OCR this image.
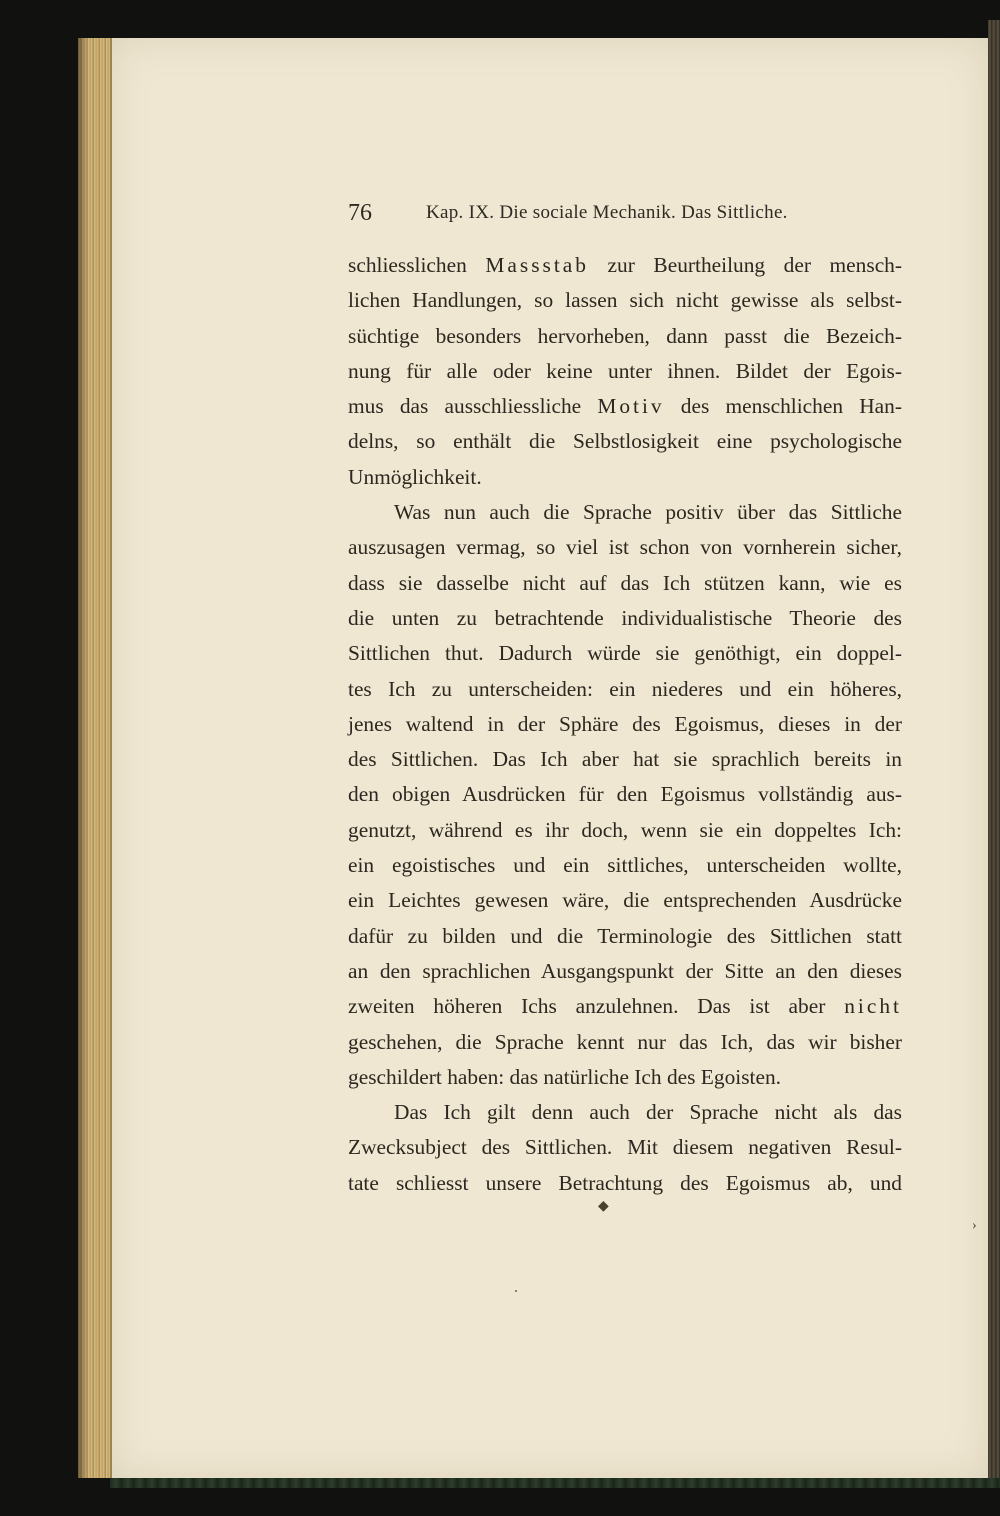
76	Kap. IX. Die sociale Mechanik. Das Sittliche.
schliesslichen Massstab zur Beurtheilung der mensch-
lichen Handlungen, so lassen sich nicht gewisse als selbst-
süchtige besonders hervorheben, dann passt die Bezeich-
nung für alle oder keine unter ihnen. Bildet der Egois-
mus das ausschliessliche Motiv des menschlichen Han-
delns, so enthält die Selbstlosigkeit eine psychologische
Unmöglichkeit.
Was nun auch die Sprache positiv über das Sittliche
auszusagen vermag, so viel ist schon von vornherein sicher,
dass sie dasselbe nicht auf das Ich stützen kann, wie es
die unten zu betrachtende individualistische Theorie des
Sittlichen thut. Dadurch würde sie genöthigt, ein doppel-
tes Ich zu unterscheiden: ein niederes und ein höheres,
jenes waltend in der Sphäre des Egoismus, dieses in der
des Sittlichen. Das Ich aber hat sie sprachlich bereits in
den obigen Ausdrücken für den Egoismus vollständig aus-
genutzt, während es ihr doch, wenn sie ein doppeltes Ich:
ein egoistisches und ein sittliches, unterscheiden wollte,
ein Leichtes gewesen wäre, die entsprechenden Ausdrücke
dafür zu bilden und die Terminologie des Sittlichen statt
an den sprachlichen Ausgangspunkt der Sitte an den dieses
zweiten höheren Ichs anzulehnen. Das ist aber nicht
geschehen, die Sprache kennt nur das Ich, das wir bisher
geschildert haben: das natürliche Ich des Egoisten.
Das Ich gilt denn auch der Sprache nicht als das
Zwecksubject des Sittlichen. Mit diesem negativen Resul-
tate schliesst unsere Betrachtung des Egoismus ab, und
◆
›
